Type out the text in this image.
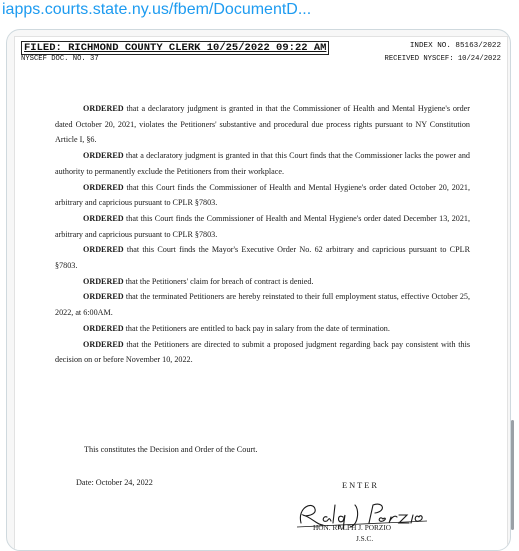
iapps.courts.state.ny.us/fbem/DocumentD...
FILED: RICHMOND COUNTY CLERK 10/25/2022 09:22 AM	INDEX NO. 85163/2022
NYSCEF DOC. NO. 37	RECEIVED NYSCEF: 10/24/2022

ORDERED that a declaratory judgment is granted in that the Commissioner of Health and Mental Hygiene's order dated October 20, 2021, violates the Petitioners' substantive and procedural due process rights pursuant to NY Constitution Article I, §6.

ORDERED that a declaratory judgment is granted in that this Court finds that the Commissioner lacks the power and authority to permanently exclude the Petitioners from their workplace.

ORDERED that this Court finds the Commissioner of Health and Mental Hygiene's order dated October 20, 2021, arbitrary and capricious pursuant to CPLR §7803.

ORDERED that this Court finds the Commissioner of Health and Mental Hygiene's order dated December 13, 2021, arbitrary and capricious pursuant to CPLR §7803.

ORDERED that this Court finds the Mayor's Executive Order No. 62 arbitrary and capricious pursuant to CPLR §7803.

ORDERED that the Petitioners' claim for breach of contract is denied.

ORDERED that the terminated Petitioners are hereby reinstated to their full employment status, effective October 25, 2022, at 6:00AM.

ORDERED that the Petitioners are entitled to back pay in salary from the date of termination.

ORDERED that the Petitioners are directed to submit a proposed judgment regarding back pay consistent with this decision on or before November 10, 2022.

This constitutes the Decision and Order of the Court.
Date: October 24, 2022	ENTER
HON. RALPH J. PORZIO
J.S.C.
